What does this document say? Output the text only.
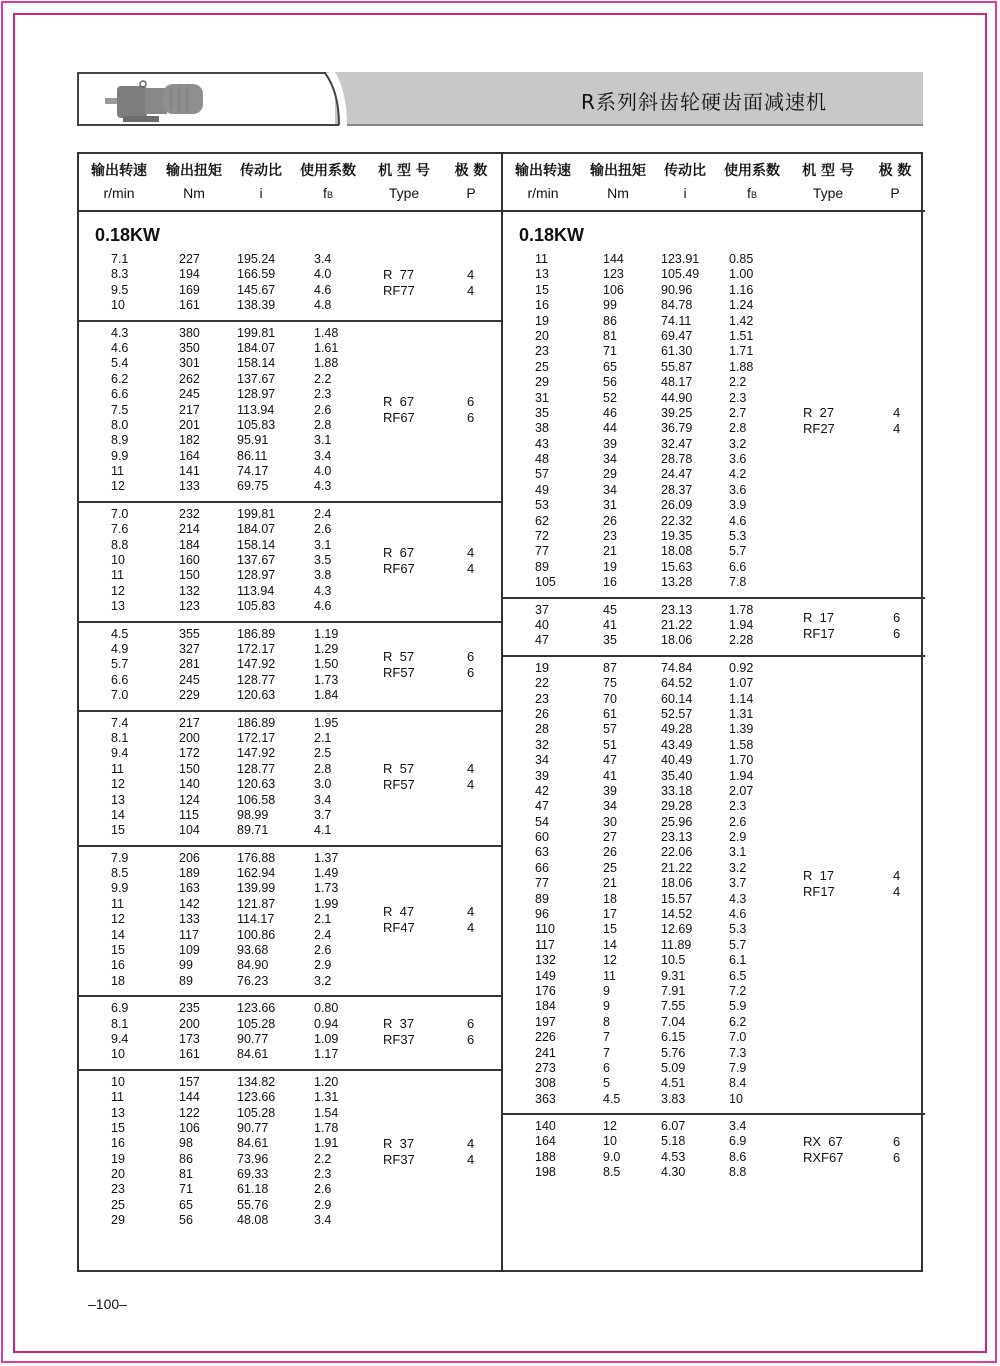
R系列斜齿轮硬齿面减速机
输出转速
r/min
输出扭矩
Nm
传动比
i
使用系数
fB
机 型 号
Type
极 数
P
0.18KW
7.1	227	195.24	3.4
8.3	194	166.59	4.0
9.5	169	145.67	4.6
10	161	138.39	4.8
R  77	4
RF77	4
4.3	380	199.81	1.48
4.6	350	184.07	1.61
5.4	301	158.14	1.88
6.2	262	137.67	2.2
6.6	245	128.97	2.3
7.5	217	113.94	2.6
8.0	201	105.83	2.8
8.9	182	95.91	3.1
9.9	164	86.11	3.4
11	141	74.17	4.0
12	133	69.75	4.3
R  67	6
RF67	6
7.0	232	199.81	2.4
7.6	214	184.07	2.6
8.8	184	158.14	3.1
10	160	137.67	3.5
11	150	128.97	3.8
12	132	113.94	4.3
13	123	105.83	4.6
R  67	4
RF67	4
4.5	355	186.89	1.19
4.9	327	172.17	1.29
5.7	281	147.92	1.50
6.6	245	128.77	1.73
7.0	229	120.63	1.84
R  57	6
RF57	6
7.4	217	186.89	1.95
8.1	200	172.17	2.1
9.4	172	147.92	2.5
11	150	128.77	2.8
12	140	120.63	3.0
13	124	106.58	3.4
14	115	98.99	3.7
15	104	89.71	4.1
R  57	4
RF57	4
7.9	206	176.88	1.37
8.5	189	162.94	1.49
9.9	163	139.99	1.73
11	142	121.87	1.99
12	133	114.17	2.1
14	117	100.86	2.4
15	109	93.68	2.6
16	99	84.90	2.9
18	89	76.23	3.2
R  47	4
RF47	4
6.9	235	123.66	0.80
8.1	200	105.28	0.94
9.4	173	90.77	1.09
10	161	84.61	1.17
R  37	6
RF37	6
10	157	134.82	1.20
11	144	123.66	1.31
13	122	105.28	1.54
15	106	90.77	1.78
16	98	84.61	1.91
19	86	73.96	2.2
20	81	69.33	2.3
23	71	61.18	2.6
25	65	55.76	2.9
29	56	48.08	3.4
R  37	4
RF37	4
输出转速
r/min
输出扭矩
Nm
传动比
i
使用系数
fB
机 型 号
Type
极 数
P
0.18KW
11	144	123.91 0.85
13	123	105.49 1.00
15	106	90.96	1.16
16	99	84.78	1.24
19	86	74.11	1.42
20	81	69.47	1.51
23	71	61.30	1.71
25	65	55.87	1.88
29	56	48.17	2.2
31	52	44.90	2.3
35	46	39.25	2.7
38	44	36.79	2.8
43	39	32.47	3.2
48	34	28.78	3.6
57	29	24.47	4.2
49	34	28.37	3.6
53	31	26.09	3.9
62	26	22.32	4.6
72	23	19.35	5.3
77	21	18.08	5.7
89	19	15.63	6.6
105	16	13.28	7.8
R  27	4
RF27	4
37	45	23.13	1.78
40	41	21.22	1.94
47	35	18.06	2.28
R  17	6
RF17	6
19	87	74.84	0.92
22	75	64.52	1.07
23	70	60.14	1.14
26	61	52.57	1.31
28	57	49.28	1.39
32	51	43.49	1.58
34	47	40.49	1.70
39	41	35.40	1.94
42	39	33.18	2.07
47	34	29.28	2.3
54	30	25.96	2.6
60	27	23.13	2.9
63	26	22.06	3.1
66	25	21.22	3.2
77	21	18.06	3.7
89	18	15.57	4.3
96	17	14.52	4.6
110	15	12.69	5.3
117	14	11.89	5.7
132	12	10.5	6.1
149	11	9.31	6.5
176	9	7.91	7.2
184	9	7.55	5.9
197	8	7.04	6.2
226	7	6.15	7.0
241	7	5.76	7.3
273	6	5.09	7.9
308	5	4.51	8.4
363	4.5	3.83	10
R  17	4
RF17	4
140	12	6.07	3.4
164	10	5.18	6.9
188	9.0	4.53	8.6
198	8.5	4.30	8.8
RX  67	6
RXF67	6
–100–
